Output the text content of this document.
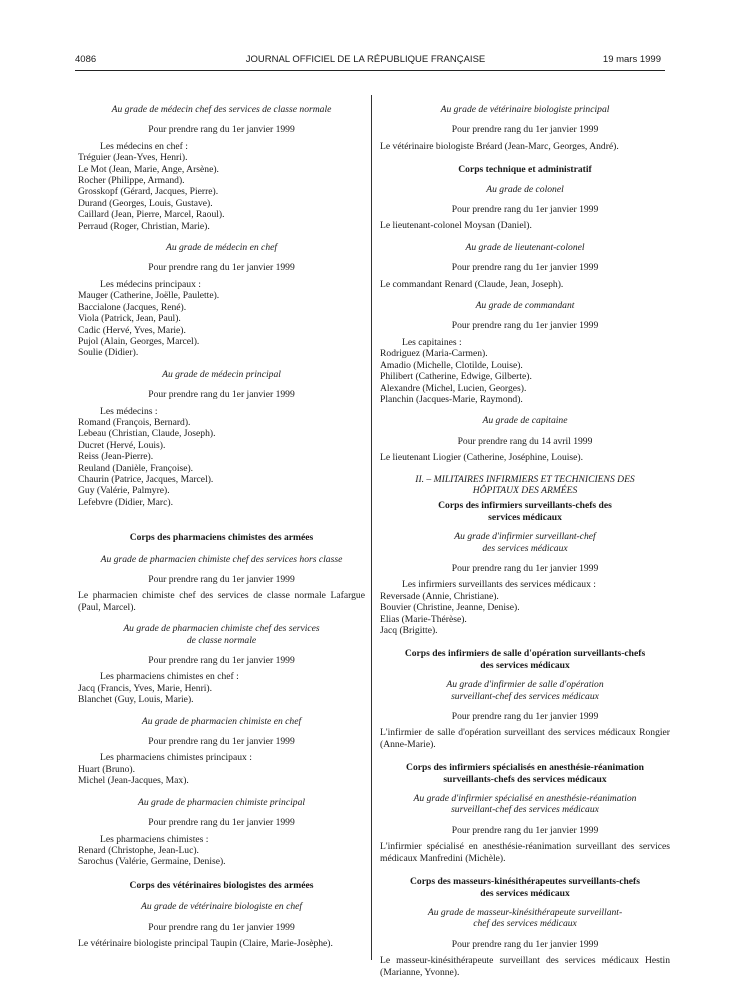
4086	JOURNAL OFFICIEL DE LA RÉPUBLIQUE FRANÇAISE	19 mars 1999
Au grade de médecin chef des services de classe normale
Pour prendre rang du 1er janvier 1999
Les médecins en chef :
Tréguier (Jean-Yves, Henri).
Le Mot (Jean, Marie, Ange, Arsène).
Rocher (Philippe, Armand).
Grosskopf (Gérard, Jacques, Pierre).
Durand (Georges, Louis, Gustave).
Caillard (Jean, Pierre, Marcel, Raoul).
Perraud (Roger, Christian, Marie).
Au grade de médecin en chef
Pour prendre rang du 1er janvier 1999
Les médecins principaux :
Mauger (Catherine, Joëlle, Paulette).
Baccialone (Jacques, René).
Viola (Patrick, Jean, Paul).
Cadic (Hervé, Yves, Marie).
Pujol (Alain, Georges, Marcel).
Soulie (Didier).
Au grade de médecin principal
Pour prendre rang du 1er janvier 1999
Les médecins :
Romand (François, Bernard).
Lebeau (Christian, Claude, Joseph).
Ducret (Hervé, Louis).
Reiss (Jean-Pierre).
Reuland (Danièle, Françoise).
Chaurin (Patrice, Jacques, Marcel).
Guy (Valérie, Palmyre).
Lefebvre (Didier, Marc).
Corps des pharmaciens chimistes des armées
Au grade de pharmacien chimiste chef des services hors classe
Pour prendre rang du 1er janvier 1999
Le pharmacien chimiste chef des services de classe normale Lafargue (Paul, Marcel).
Au grade de pharmacien chimiste chef des services de classe normale
Pour prendre rang du 1er janvier 1999
Les pharmaciens chimistes en chef :
Jacq (Francis, Yves, Marie, Henri).
Blanchet (Guy, Louis, Marie).
Au grade de pharmacien chimiste en chef
Pour prendre rang du 1er janvier 1999
Les pharmaciens chimistes principaux :
Huart (Bruno).
Michel (Jean-Jacques, Max).
Au grade de pharmacien chimiste principal
Pour prendre rang du 1er janvier 1999
Les pharmaciens chimistes :
Renard (Christophe, Jean-Luc).
Sarochus (Valérie, Germaine, Denise).
Corps des vétérinaires biologistes des armées
Au grade de vétérinaire biologiste en chef
Pour prendre rang du 1er janvier 1999
Le vétérinaire biologiste principal Taupin (Claire, Marie-Josèphe).
Au grade de vétérinaire biologiste principal
Pour prendre rang du 1er janvier 1999
Le vétérinaire biologiste Bréard (Jean-Marc, Georges, André).
Corps technique et administratif
Au grade de colonel
Pour prendre rang du 1er janvier 1999
Le lieutenant-colonel Moysan (Daniel).
Au grade de lieutenant-colonel
Pour prendre rang du 1er janvier 1999
Le commandant Renard (Claude, Jean, Joseph).
Au grade de commandant
Pour prendre rang du 1er janvier 1999
Les capitaines :
Rodriguez (Maria-Carmen).
Amadio (Michelle, Clotilde, Louise).
Philibert (Catherine, Edwige, Gilberte).
Alexandre (Michel, Lucien, Georges).
Planchin (Jacques-Marie, Raymond).
Au grade de capitaine
Pour prendre rang du 14 avril 1999
Le lieutenant Liogier (Catherine, Joséphine, Louise).
II. – MILITAIRES INFIRMIERS ET TECHNICIENS DES HÔPITAUX DES ARMÉES
Corps des infirmiers surveillants-chefs des services médicaux
Au grade d'infirmier surveillant-chef des services médicaux
Pour prendre rang du 1er janvier 1999
Les infirmiers surveillants des services médicaux :
Reversade (Annie, Christiane).
Bouvier (Christine, Jeanne, Denise).
Elias (Marie-Thérèse).
Jacq (Brigitte).
Corps des infirmiers de salle d'opération surveillants-chefs des services médicaux
Au grade d'infirmier de salle d'opération surveillant-chef des services médicaux
Pour prendre rang du 1er janvier 1999
L'infirmier de salle d'opération surveillant des services médicaux Rongier (Anne-Marie).
Corps des infirmiers spécialisés en anesthésie-réanimation surveillants-chefs des services médicaux
Au grade d'infirmier spécialisé en anesthésie-réanimation surveillant-chef des services médicaux
Pour prendre rang du 1er janvier 1999
L'infirmier spécialisé en anesthésie-réanimation surveillant des services médicaux Manfredini (Michèle).
Corps des masseurs-kinésithérapeutes surveillants-chefs des services médicaux
Au grade de masseur-kinésithérapeute surveillant-chef des services médicaux
Pour prendre rang du 1er janvier 1999
Le masseur-kinésithérapeute surveillant des services médicaux Hestin (Marianne, Yvonne).
